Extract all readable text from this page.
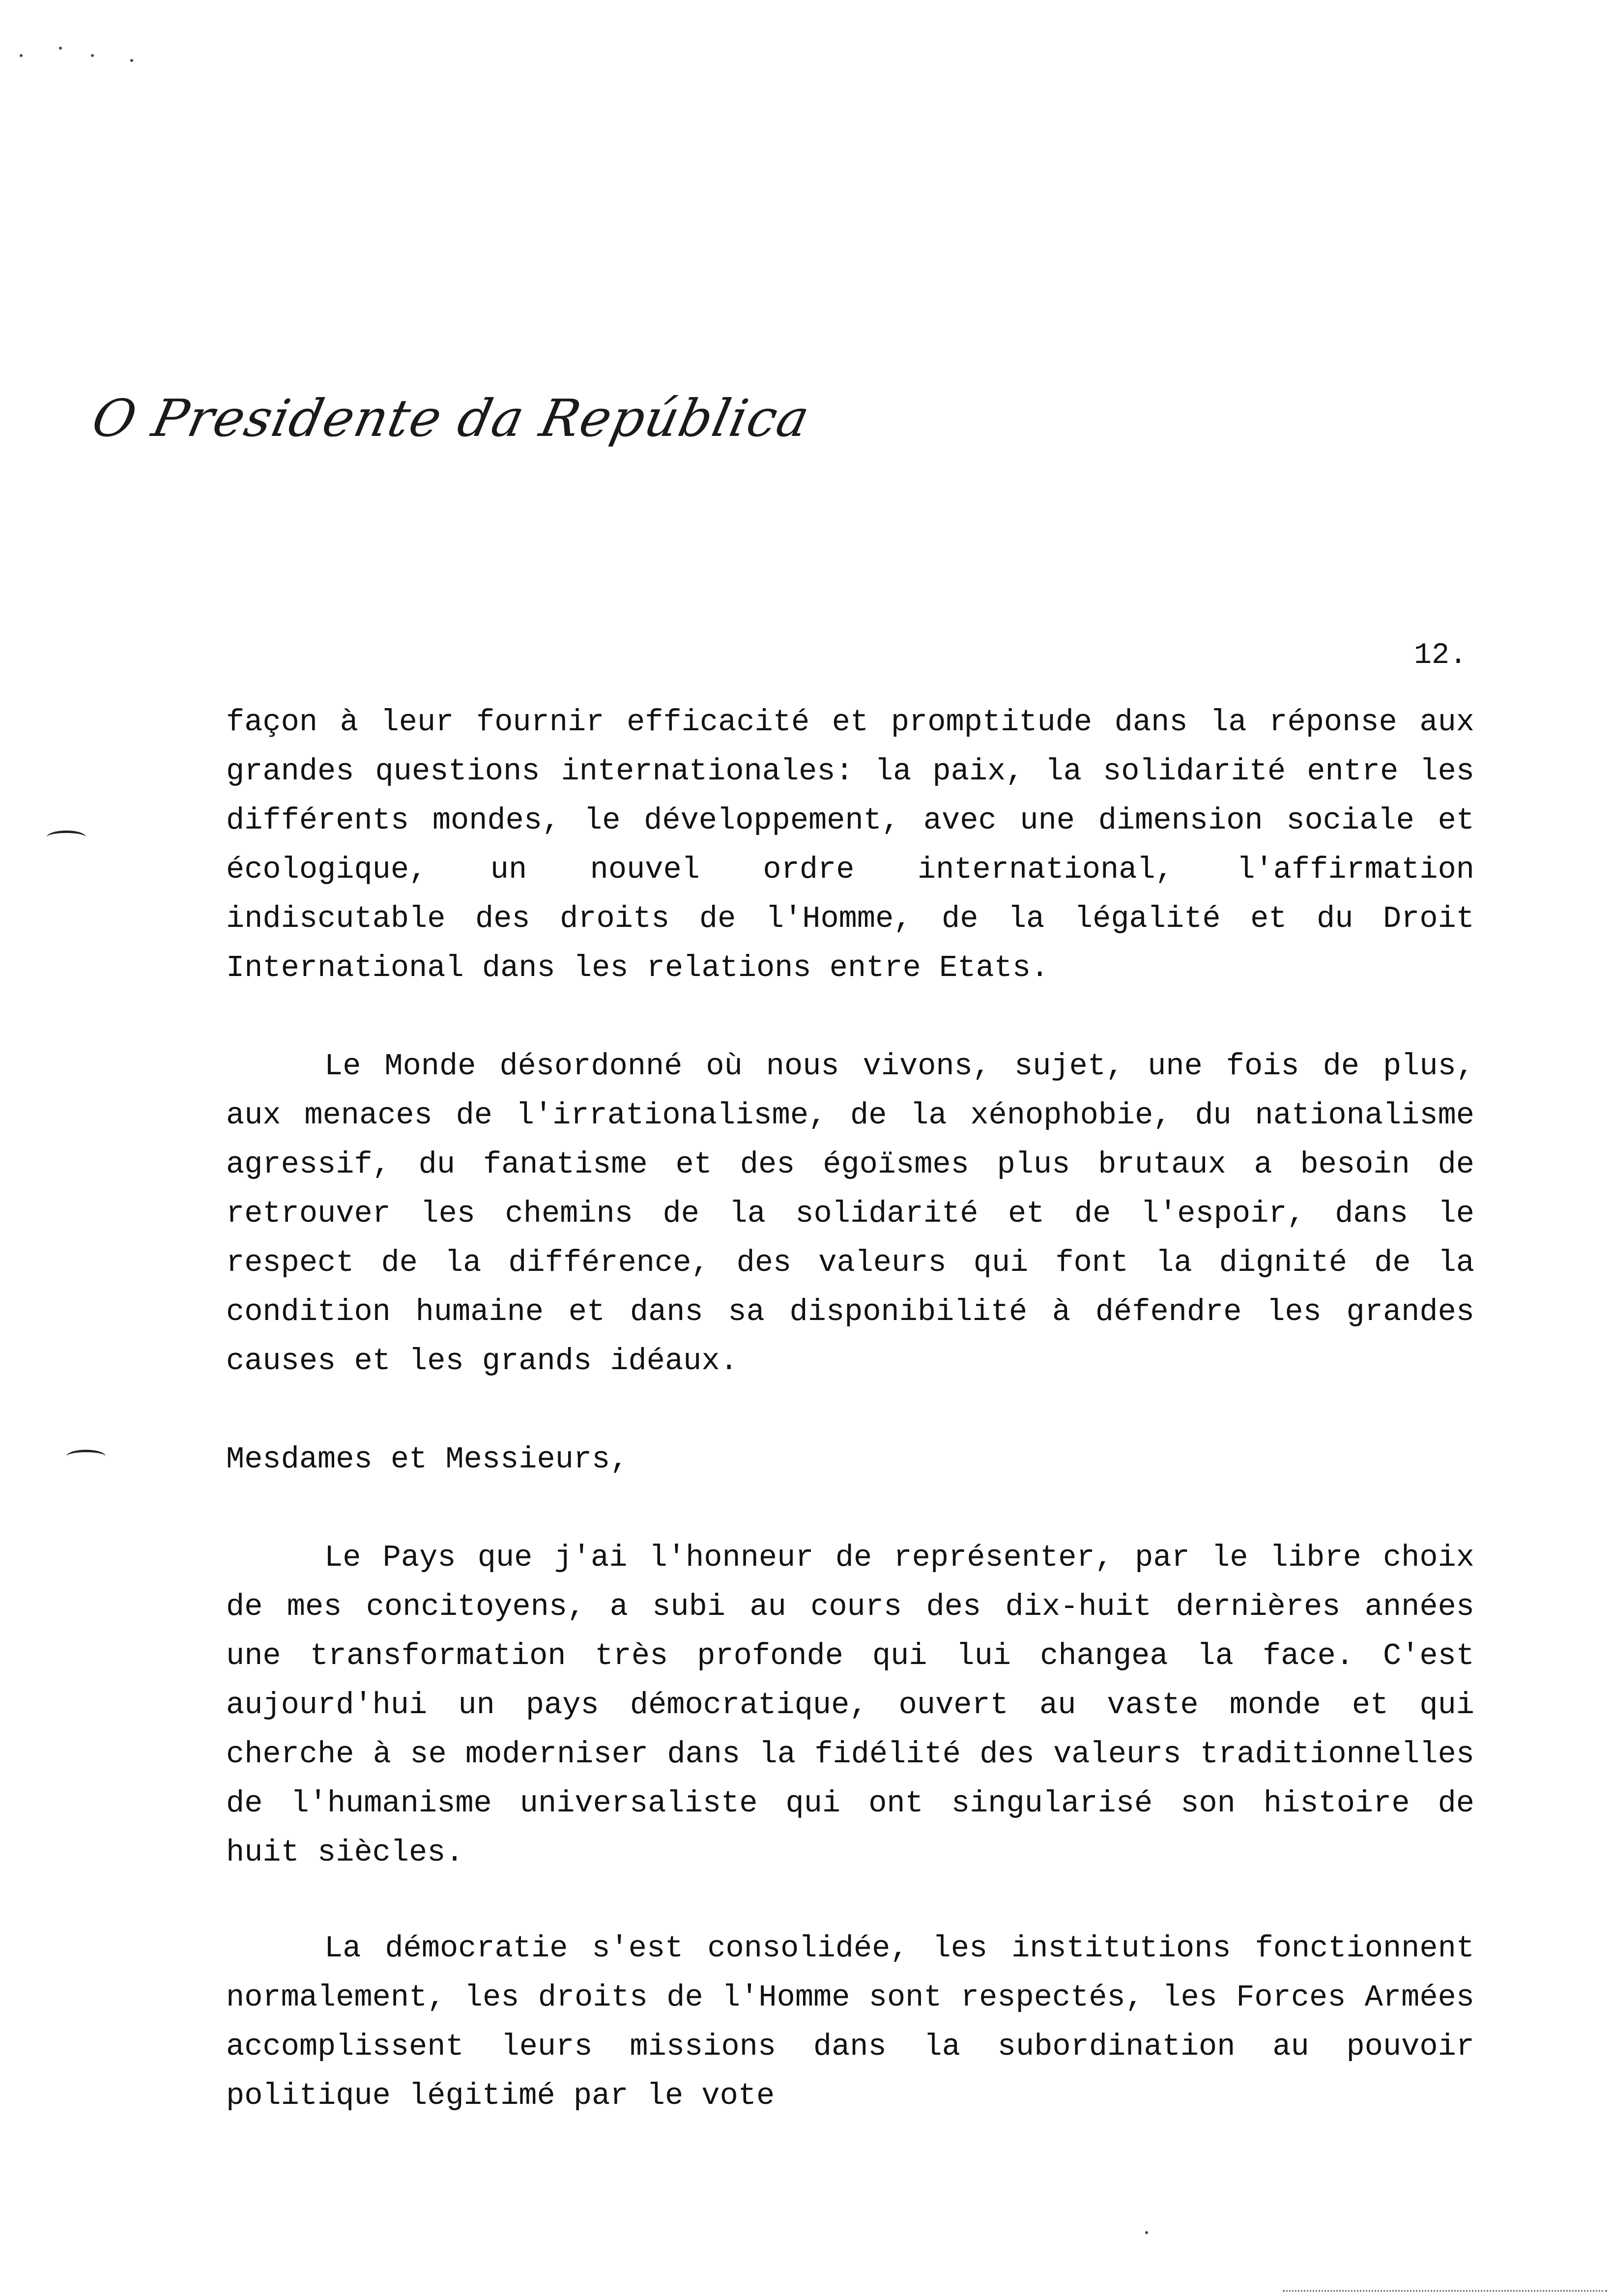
O Presidente da República
12.

façon à leur fournir efficacité et promptitude dans la réponse aux grandes questions internationales: la paix, la solidarité entre les différents mondes, le développement, avec une dimension sociale et écologique, un nouvel ordre international, l'affirmation indiscutable des droits de l'Homme, de la légalité et du Droit International dans les relations entre Etats.

Le Monde désordonné où nous vivons, sujet, une fois de plus, aux menaces de l'irrationalisme, de la xénophobie, du nationalisme agressif, du fanatisme et des égoïsmes plus brutaux a besoin de retrouver les chemins de la solidarité et de l'espoir, dans le respect de la différence, des valeurs qui font la dignité de la condition humaine et dans sa disponibilité à défendre les grandes causes et les grands idéaux.

Mesdames et Messieurs,

Le Pays que j'ai l'honneur de représenter, par le libre choix de mes concitoyens, a subi au cours des dix-huit dernières années une transformation très profonde qui lui changea la face. C'est aujourd'hui un pays démocratique, ouvert au vaste monde et qui cherche à se moderniser dans la fidélité des valeurs traditionnelles de l'humanisme universaliste qui ont singularisé son histoire de huit siècles.

La démocratie s'est consolidée, les institutions fonctionnent normalement, les droits de l'Homme sont respectés, les Forces Armées accomplissent leurs missions dans la subordination au pouvoir politique légitimé par le vote
